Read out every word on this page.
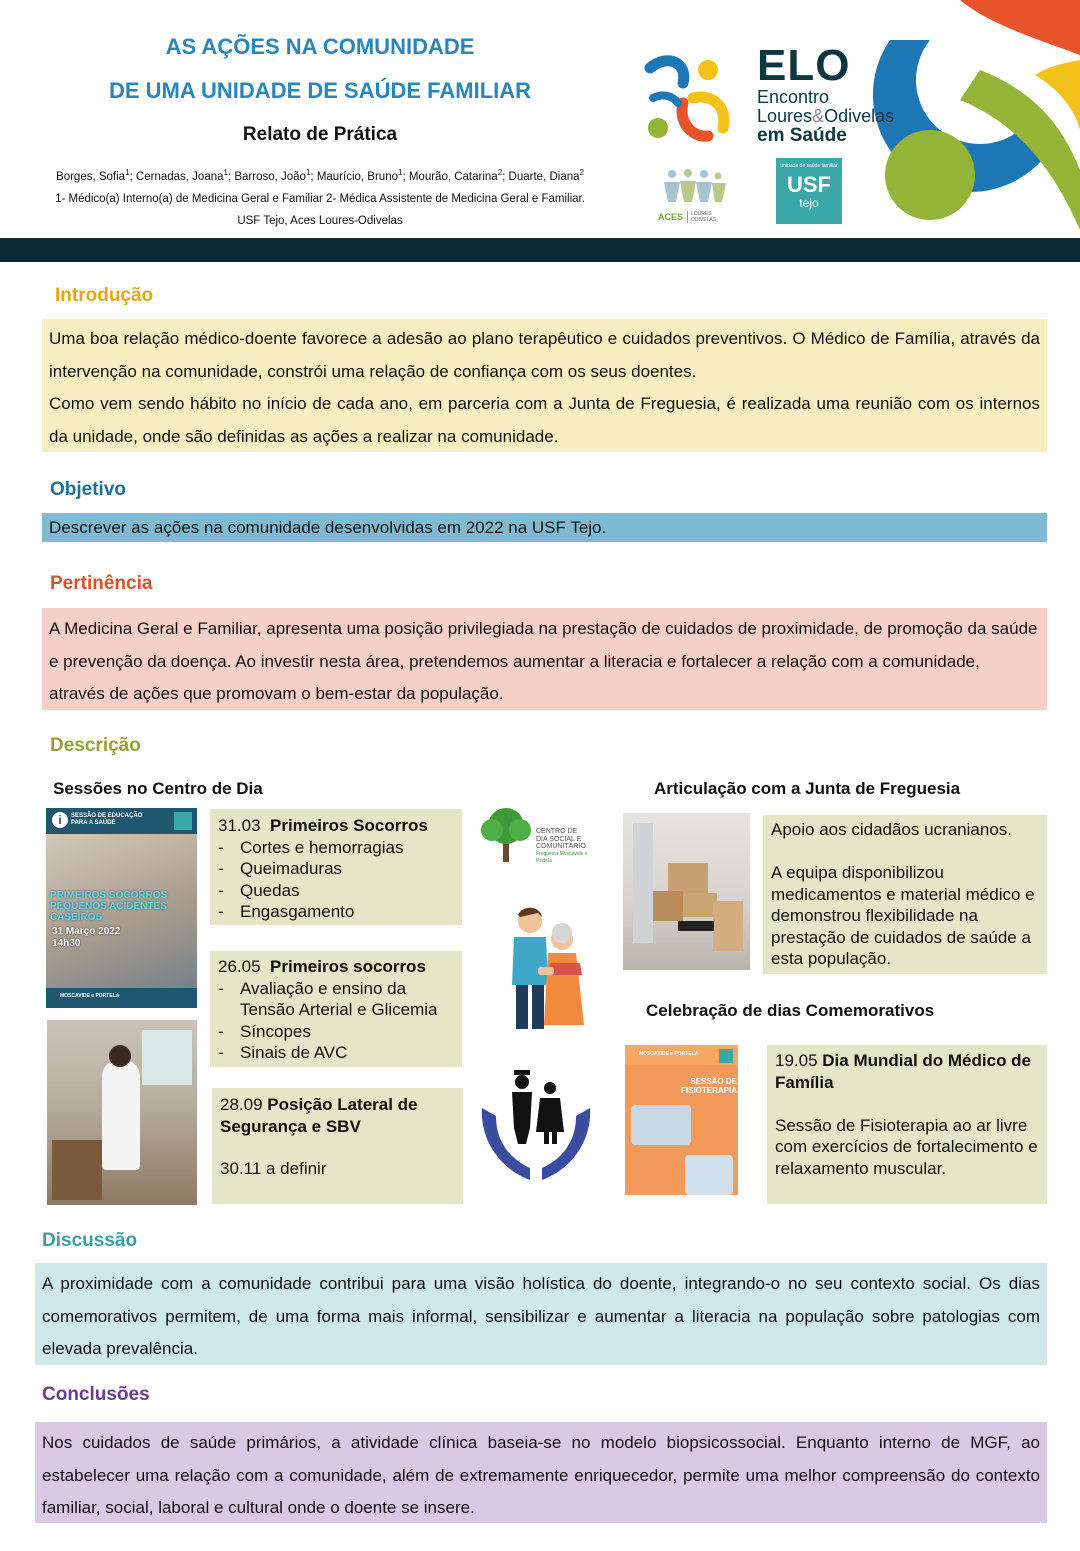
AS AÇÕES NA COMUNIDADE
DE UMA UNIDADE DE SAÚDE FAMILIAR
Relato de Prática
Borges, Sofia$^1$; Cernadas, Joana$^1$; Barroso, João$^1$; Maurício, Bruno$^1$; Mourão, Catarina$^2$; Duarte, Diana$^2$
1- Médico(a) Interno(a) de Medicina Geral e Familiar 2- Médica Assistente de Medicina Geral e Familiar.
USF Tejo, Aces Loures-Odivelas
ELO
Encontro
Loures&Odivelas
em Saúde
ACES LOURES
ODIVELAS
unidade de saúde familiar
USF
tejo
Introdução
Uma boa relação médico-doente favorece a adesão ao plano terapêutico e cuidados preventivos. O Médico de Família, através da intervenção na comunidade, constrói uma relação de confiança com os seus doentes.
Como vem sendo hábito no início de cada ano, em parceria com a Junta de Freguesia, é realizada uma reunião com os internos da unidade, onde são definidas as ações a realizar na comunidade.
Objetivo
Descrever as ações na comunidade desenvolvidas em 2022 na USF Tejo.
Pertinência
A Medicina Geral e Familiar, apresenta uma posição privilegiada na prestação de cuidados de proximidade, de promoção da saúde e prevenção da doença. Ao investir nesta área, pretendemos aumentar a literacia e fortalecer a relação com a comunidade, através de ações que promovam o bem-estar da população.
Descrição
Sessões no Centro de Dia
i	SESSÃO DE EDUCAÇÃO
PARA A SAÚDE
PRIMEIROS SOCORROS
PEQUENOS ACIDENTES CASEIROS
31 Março 2022
14h30
MOSCAVIDE e PORTELA
31.03 Primeiros Socorros
- Cortes e hemorragias
- Queimaduras
- Quedas
- Engasgamento
26.05 Primeiros socorros
- Avaliação e ensino da Tensão Arterial e Glicemia
- Síncopes
- Sinais de AVC
28.09 Posição Lateral de Segurança e SBV
30.11 a definir
CENTRO DE
DIA SOCIAL E
COMUNITÁRIO
Freguesia Moscavide e Portela
Articulação com a Junta de Freguesia
Apoio aos cidadãos ucranianos.
A equipa disponibilizou medicamentos e material médico e demonstrou flexibilidade na prestação de cuidados de saúde a esta população.
Celebração de dias Comemorativos
MOSCAVIDE e PORTELA
SESSÃO DE
FISIOTERAPIA
19.05 Dia Mundial do Médico de Família
Sessão de Fisioterapia ao ar livre com exercícios de fortalecimento e relaxamento muscular.
Discussão
A proximidade com a comunidade contribui para uma visão holística do doente, integrando-o no seu contexto social. Os dias comemorativos permitem, de uma forma mais informal, sensibilizar e aumentar a literacia na população sobre patologias com elevada prevalência.
Conclusões
Nos cuidados de saúde primários, a atividade clínica baseia-se no modelo biopsicossocial. Enquanto interno de MGF, ao estabelecer uma relação com a comunidade, além de extremamente enriquecedor, permite uma melhor compreensão do contexto familiar, social, laboral e cultural onde o doente se insere.
